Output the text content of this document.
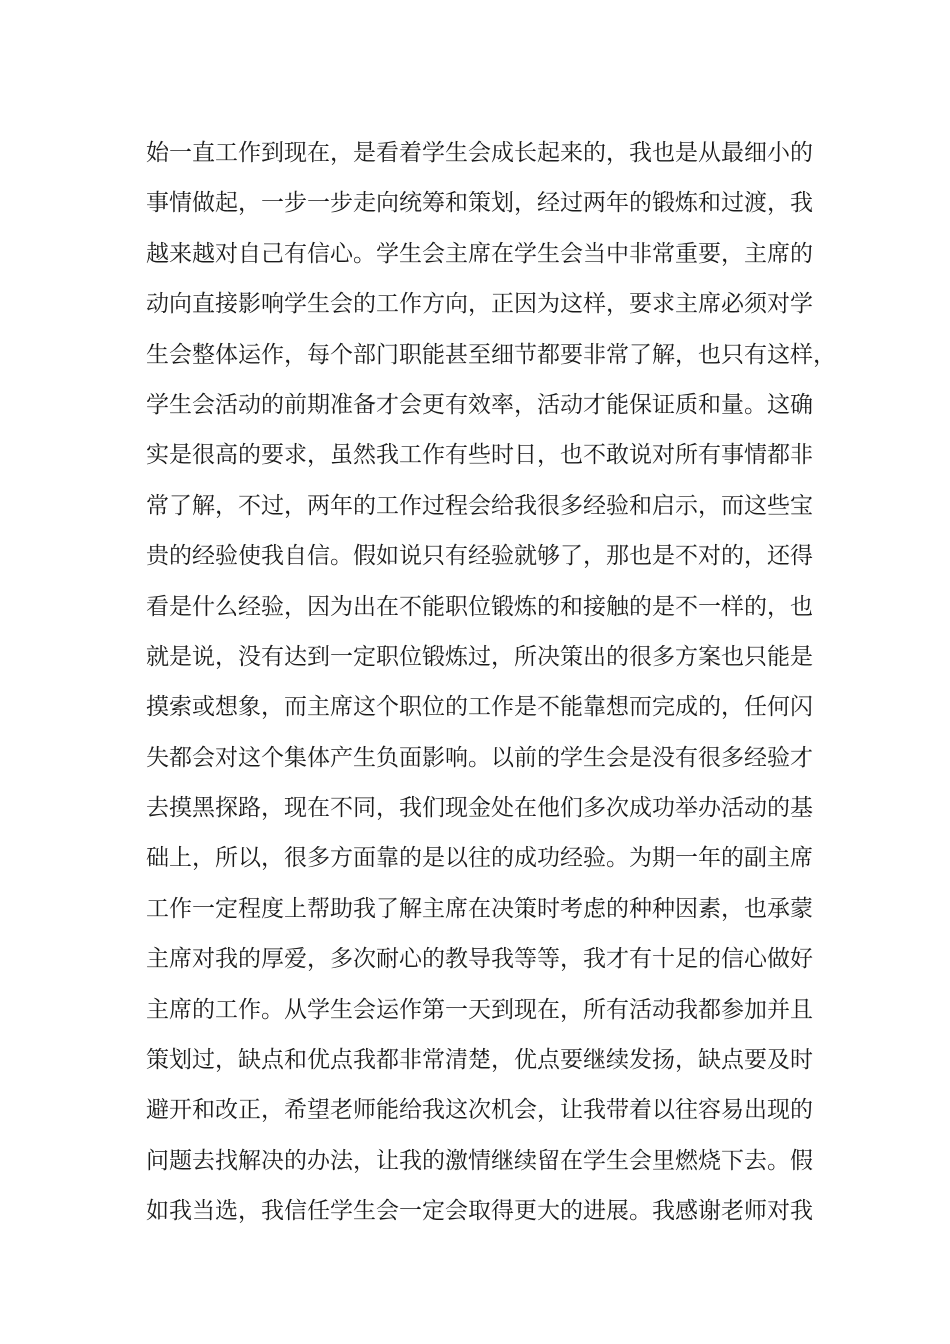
始一直工作到现在，是看着学生会成长起来的，我也是从最细小的
事情做起，一步一步走向统筹和策划，经过两年的锻炼和过渡，我
越来越对自己有信心。学生会主席在学生会当中非常重要，主席的
动向直接影响学生会的工作方向，正因为这样，要求主席必须对学
生会整体运作，每个部门职能甚至细节都要非常了解，也只有这样，
学生会活动的前期准备才会更有效率，活动才能保证质和量。这确
实是很高的要求，虽然我工作有些时日，也不敢说对所有事情都非
常了解，不过，两年的工作过程会给我很多经验和启示，而这些宝
贵的经验使我自信。假如说只有经验就够了，那也是不对的，还得
看是什么经验，因为出在不能职位锻炼的和接触的是不一样的，也
就是说，没有达到一定职位锻炼过，所决策出的很多方案也只能是
摸索或想象，而主席这个职位的工作是不能靠想而完成的，任何闪
失都会对这个集体产生负面影响。以前的学生会是没有很多经验才
去摸黑探路，现在不同，我们现金处在他们多次成功举办活动的基
础上，所以，很多方面靠的是以往的成功经验。为期一年的副主席
工作一定程度上帮助我了解主席在决策时考虑的种种因素，也承蒙
主席对我的厚爱，多次耐心的教导我等等，我才有十足的信心做好
主席的工作。从学生会运作第一天到现在，所有活动我都参加并且
策划过，缺点和优点我都非常清楚，优点要继续发扬，缺点要及时
避开和改正，希望老师能给我这次机会，让我带着以往容易出现的
问题去找解决的办法，让我的激情继续留在学生会里燃烧下去。假
如我当选，我信任学生会一定会取得更大的进展。我感谢老师对我
